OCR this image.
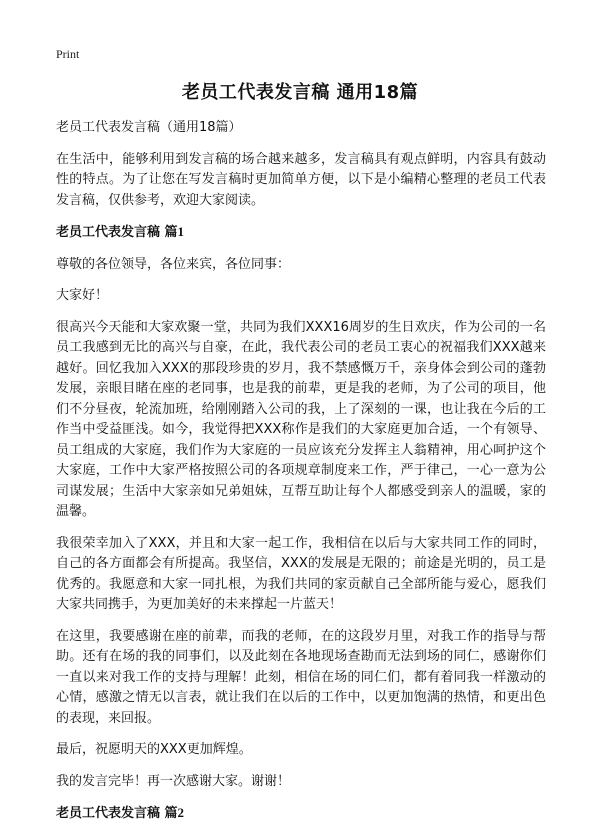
Print
老员工代表发言稿 通用18篇

老员工代表发言稿（通用18篇）

在生活中，能够利用到发言稿的场合越来越多，发言稿具有观点鲜明，内容具有鼓动性的特点。为了让您在写发言稿时更加简单方便，以下是小编精心整理的老员工代表发言稿，仅供参考，欢迎大家阅读。

老员工代表发言稿 篇1

尊敬的各位领导，各位来宾，各位同事：

大家好！

很高兴今天能和大家欢聚一堂，共同为我们XXX16周岁的生日欢庆，作为公司的一名员工我感到无比的高兴与自豪，在此，我代表公司的老员工衷心的祝福我们XXX越来越好。回忆我加入XXX的那段珍贵的岁月，我不禁感慨万千，亲身体会到公司的蓬勃发展，亲眼目睹在座的老同事，也是我的前辈，更是我的老师，为了公司的项目，他们不分昼夜，轮流加班，给刚刚踏入公司的我，上了深刻的一课，也让我在今后的工作当中受益匪浅。如今，我觉得把XXX称作是我们的大家庭更加合适，一个有领导、员工组成的大家庭，我们作为大家庭的一员应该充分发挥主人翁精神，用心呵护这个大家庭，工作中大家严格按照公司的各项规章制度来工作，严于律己，一心一意为公司谋发展；生活中大家亲如兄弟姐妹，互帮互助让每个人都感受到亲人的温暖，家的温馨。

我很荣幸加入了XXX，并且和大家一起工作，我相信在以后与大家共同工作的同时，自己的各方面都会有所提高。我坚信，XXX的发展是无限的；前途是光明的，员工是优秀的。我愿意和大家一同扎根，为我们共同的家贡献自己全部所能与爱心，愿我们大家共同携手，为更加美好的未来撑起一片蓝天！

在这里，我要感谢在座的前辈，而我的老师，在的这段岁月里，对我工作的指导与帮助。还有在场的我的同事们，以及此刻在各地现场查勘而无法到场的同仁，感谢你们一直以来对我工作的支持与理解！此刻，相信在场的同仁们，都有着同我一样激动的心情，感激之情无以言表，就让我们在以后的工作中，以更加饱满的热情，和更出色的表现，来回报。

最后，祝愿明天的XXX更加辉煌。

我的发言完毕！再一次感谢大家。谢谢！

老员工代表发言稿 篇2
